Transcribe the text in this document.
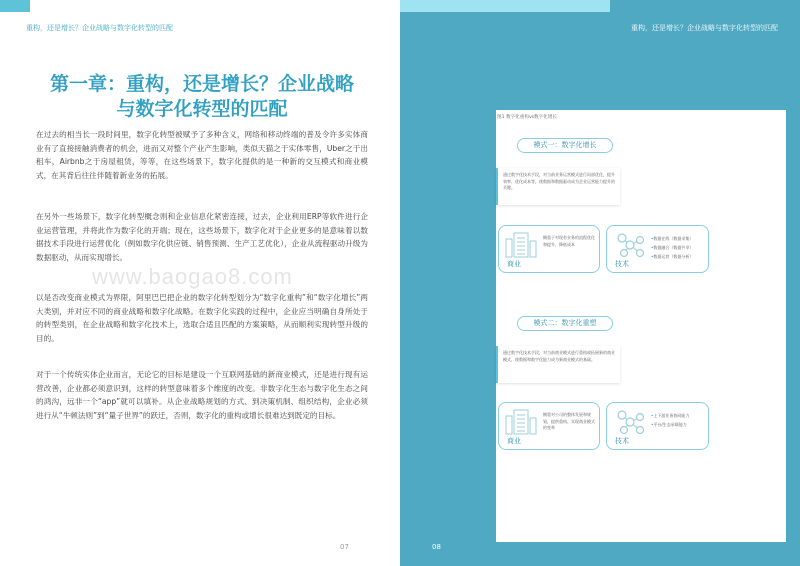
重构，还是增长？企业战略与数字化转型的匹配
第一章：重构，还是增长？企业战略
与数字化转型的匹配

在过去的相当长一段时间里，数字化转型被赋予了多种含义，网络和移动终端的普及令许多实体商业有了直接接触消费者的机会，进而又对整个产业产生影响，类似天猫之于实体零售，Uber之于出租车，Airbnb之于房屋租赁，等等，在这些场景下，数字化提供的是一种新的交互模式和商业模式，在其背后往往伴随着新业务的拓展。

在另外一些场景下，数字化转型概念则和企业信息化紧密连接，过去，企业利用ERP等软件进行企业运营管理，并将此作为数字化的开端；现在，这些场景下，数字化对于企业更多的是意味着以数据技术手段进行运营优化（例如数字化供应链、销售预测、生产工艺优化），企业从流程驱动升级为数据驱动，从而实现增长。

以是否改变商业模式为界限，阿里巴巴把企业的数字化转型划分为“数字化重构”和“数字化增长”两大类别，并对应不同的商业战略和数字化战略。在数字化实践的过程中，企业应当明确自身所处于的转型类别，在企业战略和数字化技术上，选取合适且匹配的方案策略，从而顺利实现转型升级的目的。

对于一个传统实体企业而言，无论它的目标是建设一个互联网基础的新商业模式，还是进行现有运营改善，企业都必须意识到，这样的转型意味着多个维度的改变。非数字化生态与数字化生态之间的鸿沟，远非一个“app”就可以填补。从企业战略规划的方式、到决策机制、组织结构，企业必须进行从“牛顿法则”到“量子世界”的跃迁，否则，数字化的重构或增长很难达到既定的目标。

www.baogao8.com
07
重构，还是增长？企业战略与数字化转型的匹配
08
图1 数字化重构vs数字化增长
模式一：数字化增长
通过数字化技术手段，对当前业务运营模式进行局部优化，提升效率、优化成本等，使数据和数据驱动成为企业运营能力提升的关键。
商业
侧重于对现有业务的流程优化和提升，降低成本
技术
• 数据在线（数据采集）
• 数据融合（数据共享）
• 数据运营（数据分析）
模式二：数字化重塑
通过数字化技术手段，对当前商业模式进行重构或拓展新的商业模式，使数据和数字化能力成为新商业模式的基础。
商业
侧重对公司的整体发展和规划，提供重构、实现商业模式的变革
技术
• 上下游业务协同能力
• 平台/生态承载能力
